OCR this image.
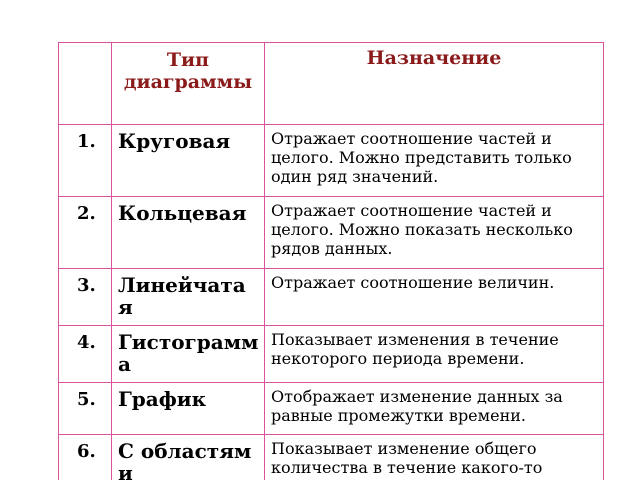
	Тип диаграммы	Назначение
1.	Круговая	Отражает соотношение частей и целого. Можно представить только один ряд значений.
2.	Кольцевая	Отражает соотношение частей и целого. Можно показать несколько рядов данных.
3.	Линейчатая	Отражает соотношение величин.
4.	Гистограмма	Показывает изменения в течение некоторого периода времени.
5.	График	Отображает изменение данных за равные промежутки времени.
6.	С областями	Показывает изменение общего количества в течение какого-то
